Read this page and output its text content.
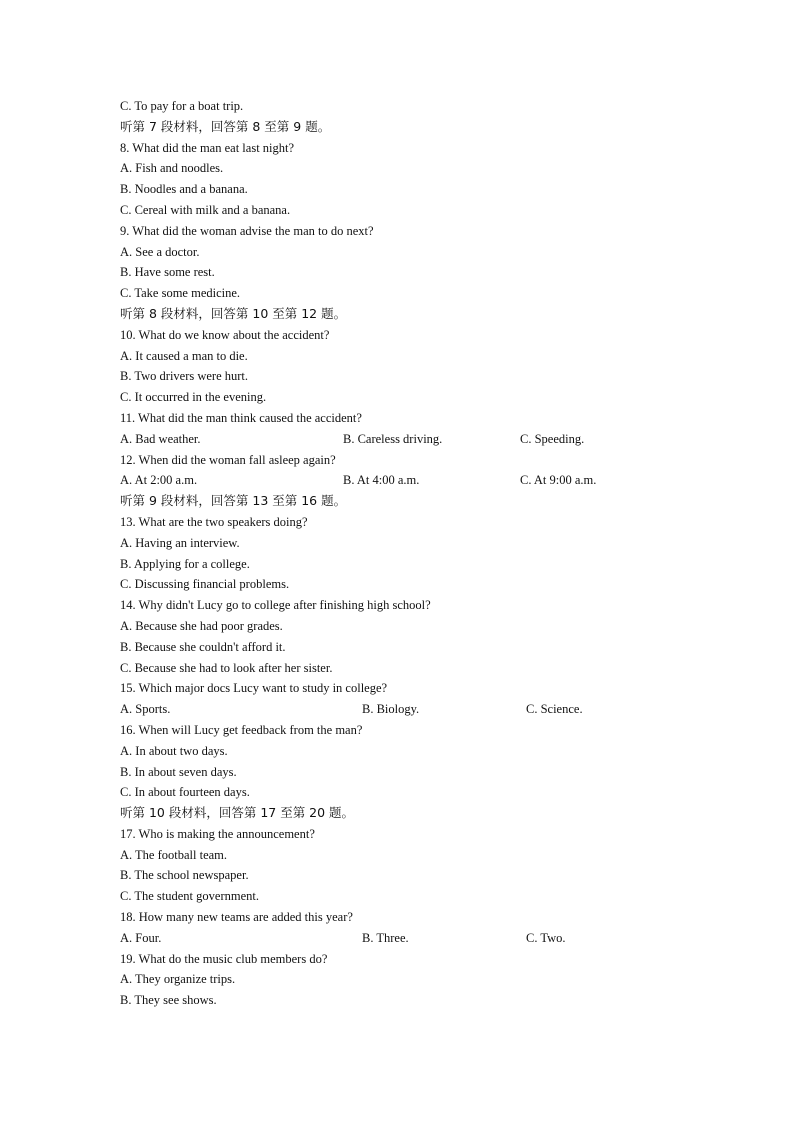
C. To pay for a boat trip.
听第 7 段材料，回答第 8 至第 9 题。
8. What did the man eat last night?
A. Fish and noodles.
B. Noodles and a banana.
C. Cereal with milk and a banana.
9. What did the woman advise the man to do next?
A. See a doctor.
B. Have some rest.
C. Take some medicine.
听第 8 段材料，回答第 10 至第 12 题。
10. What do we know about the accident?
A. It caused a man to die.
B. Two drivers were hurt.
C. It occurred in the evening.
11. What did the man think caused the accident?
A. Bad weather.	B. Careless driving.	C. Speeding.
12. When did the woman fall asleep again?
A. At 2:00 a.m.	B. At 4:00 a.m.	C. At 9:00 a.m.
听第 9 段材料，回答第 13 至第 16 题。
13. What are the two speakers doing?
A. Having an interview.
B. Applying for a college.
C. Discussing financial problems.
14. Why didn't Lucy go to college after finishing high school?
A. Because she had poor grades.
B. Because she couldn't afford it.
C. Because she had to look after her sister.
15. Which major docs Lucy want to study in college?
A. Sports.	B. Biology.	C. Science.
16. When will Lucy get feedback from the man?
A. In about two days.
B. In about seven days.
C. In about fourteen days.
听第 10 段材料，回答第 17 至第 20 题。
17. Who is making the announcement?
A. The football team.
B. The school newspaper.
C. The student government.
18. How many new teams are added this year?
A. Four.	B. Three.	C. Two.
19. What do the music club members do?
A. They organize trips.
B. They see shows.
